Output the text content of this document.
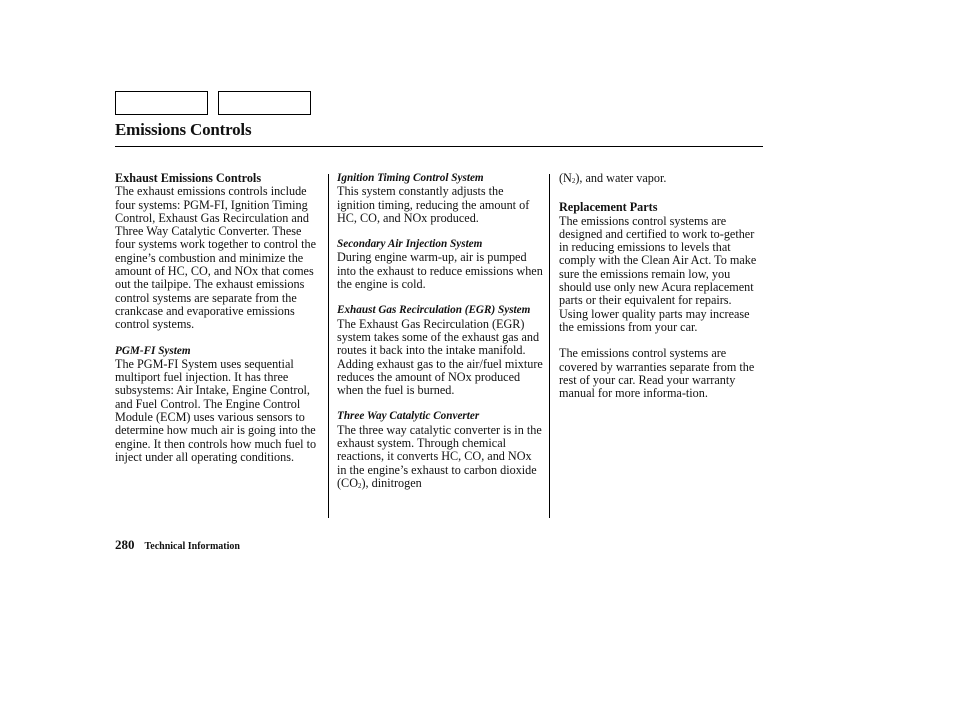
Emissions Controls

Exhaust Emissions Controls

The exhaust emissions controls include four systems: PGM-FI, Ignition Timing Control, Exhaust Gas Recirculation and Three Way Catalytic Converter. These four systems work together to control the engine’s combustion and minimize the amount of HC, CO, and NOx that comes out the tailpipe. The exhaust emissions control systems are separate from the crankcase and evaporative emissions control systems.

PGM-FI System

The PGM-FI System uses sequential multiport fuel injection. It has three subsystems: Air Intake, Engine Control, and Fuel Control. The Engine Control Module (ECM) uses various sensors to determine how much air is going into the engine. It then controls how much fuel to inject under all operating conditions.

Ignition Timing Control System

This system constantly adjusts the ignition timing, reducing the amount of HC, CO, and NOx produced.

Secondary Air Injection System

During engine warm-up, air is pumped into the exhaust to reduce emissions when the engine is cold.

Exhaust Gas Recirculation (EGR) System

The Exhaust Gas Recirculation (EGR) system takes some of the exhaust gas and routes it back into the intake manifold. Adding exhaust gas to the air/fuel mixture reduces the amount of NOx produced when the fuel is burned.

Three Way Catalytic Converter

The three way catalytic converter is in the exhaust system. Through chemical reactions, it converts HC, CO, and NOx in the engine’s exhaust to carbon dioxide (CO2), dinitrogen

(N2), and water vapor.

Replacement Parts

The emissions control systems are designed and certified to work to-gether in reducing emissions to levels that comply with the Clean Air Act. To make sure the emissions remain low, you should use only new Acura replacement parts or their equivalent for repairs. Using lower quality parts may increase the emissions from your car.

The emissions control systems are covered by warranties separate from the rest of your car. Read your warranty manual for more informa-tion.

280 Technical Information
